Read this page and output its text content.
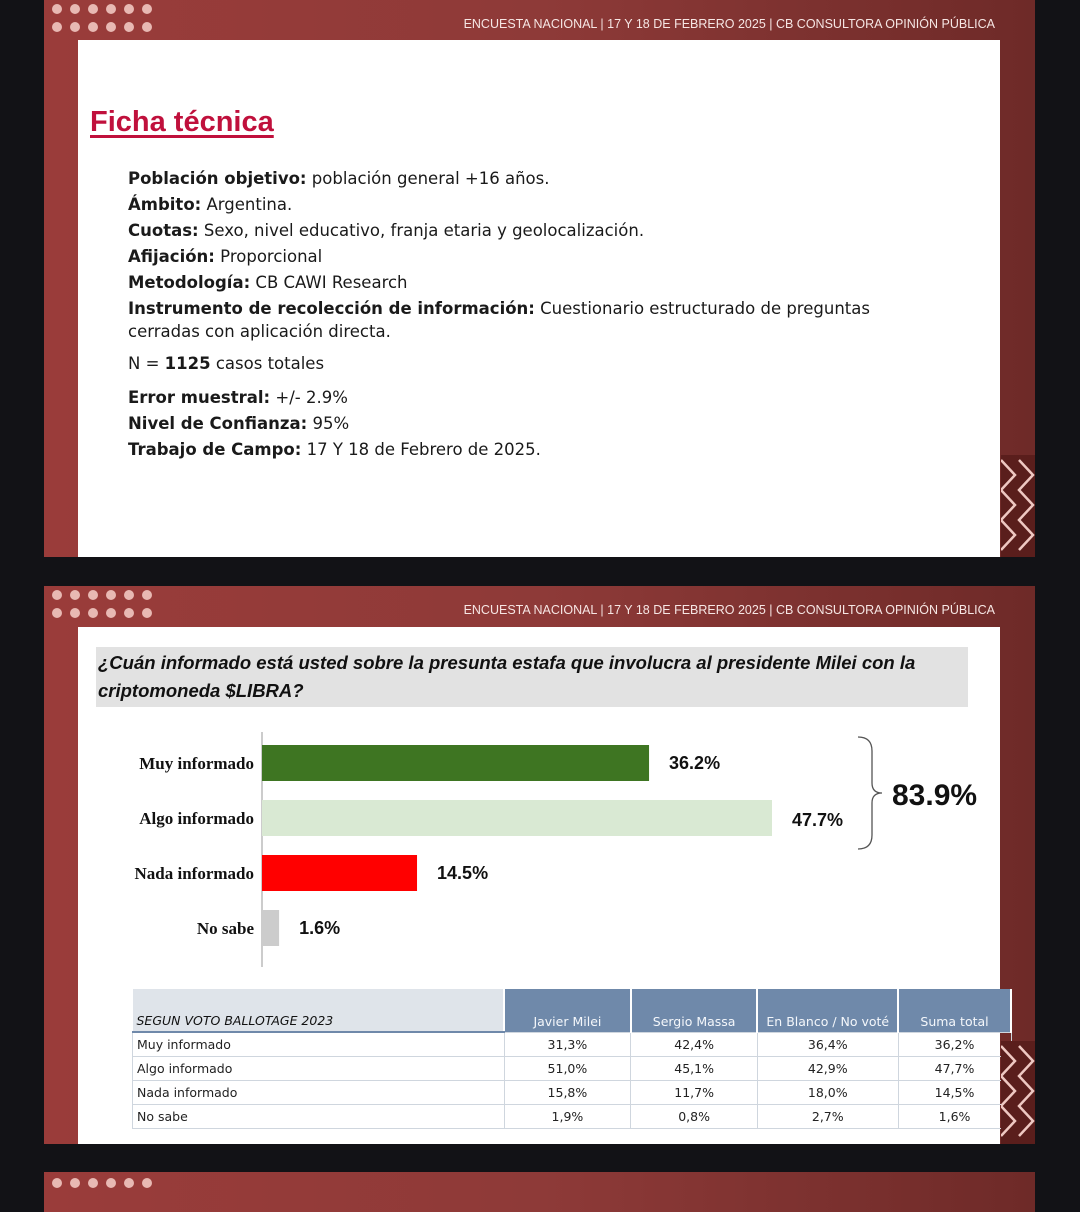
ENCUESTA NACIONAL | 17 Y 18 DE FEBRERO 2025 | CB CONSULTORA OPINIÓN PÚBLICA
Ficha técnica

Población objetivo: población general +16 años.

Ámbito: Argentina.

Cuotas: Sexo, nivel educativo, franja etaria y geolocalización.

Afijación: Proporcional

Metodología: CB CAWI Research

Instrumento de recolección de información: Cuestionario estructurado de preguntas cerradas con aplicación directa.

N = 1125 casos totales

Error muestral: +/- 2.9%

Nivel de Confianza: 95%

Trabajo de Campo: 17 Y 18 de Febrero de 2025.

ENCUESTA NACIONAL | 17 Y 18 DE FEBRERO 2025 | CB CONSULTORA OPINIÓN PÚBLICA
¿Cuán informado está usted sobre la presunta estafa que involucra al presidente Milei con la criptomoneda $LIBRA?
Muy informado	36.2%
Algo informado	47.7%
Nada informado	14.5%
No sabe	1.6%
83.9%
SEGUN VOTO BALLOTAGE 2023	Javier Milei	Sergio Massa	En Blanco / No voté	Suma total
Muy informado	31,3%	42,4%	36,4%	36,2%
Algo informado	51,0%	45,1%	42,9%	47,7%
Nada informado	15,8%	11,7%	18,0%	14,5%
No sabe	1,9%	0,8%	2,7%	1,6%
